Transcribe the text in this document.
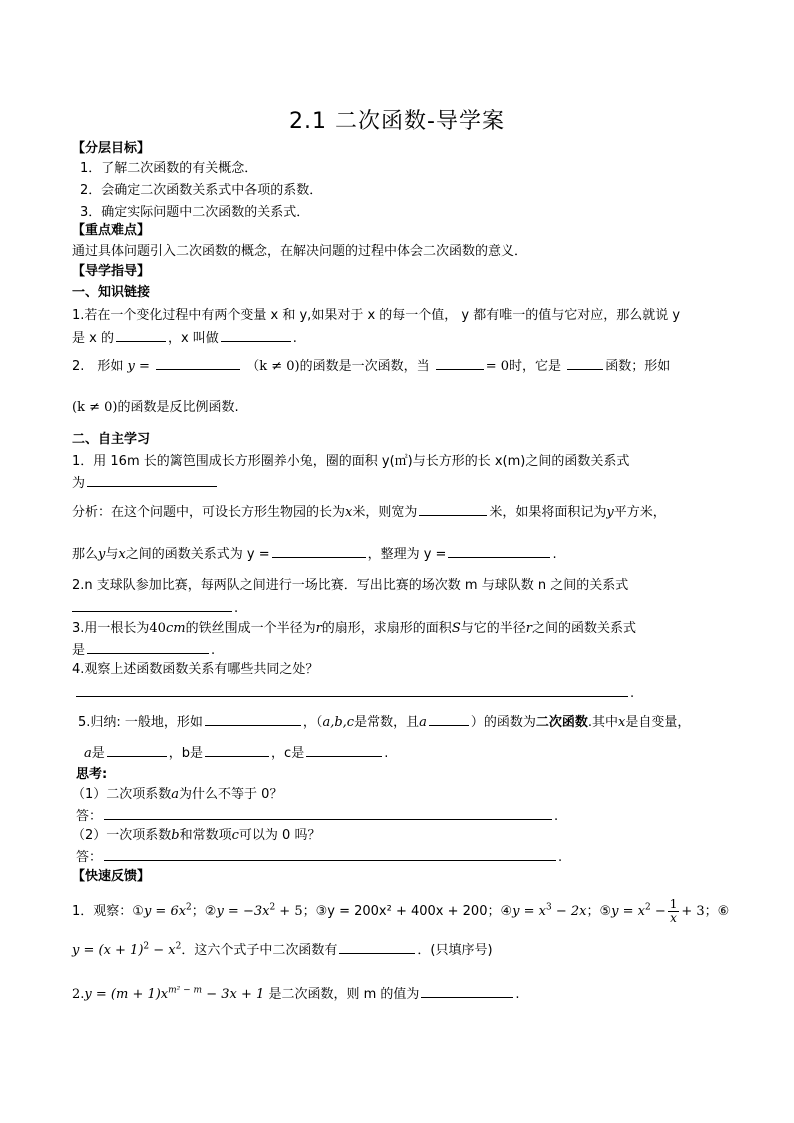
2.1 二次函数-导学案
【分层目标】
1．了解二次函数的有关概念．
2．会确定二次函数关系式中各项的系数．
3．确定实际问题中二次函数的关系式．
【重点难点】
通过具体问题引入二次函数的概念，在解决问题的过程中体会二次函数的意义．
【导学指导】
一、知识链接
1.若在一个变化过程中有两个变量 x 和 y,如果对于 x 的每一个值， y 都有唯一的值与它对应，那么就说 y
是 x 的	，x 叫做	.
2.　形如 y =	（k ≠ 0)的函数是一次函数，当	= 0时，它是	函数；形如
(k ≠ 0)的函数是反比例函数.
二、自主学习
1．用 16m 长的篱笆围成长方形圈养小兔，圈的面积 y(㎡)与长方形的长 x(m)之间的函数关系式
为
分析：在这个问题中，可设长方形生物园的长为x米，则宽为	米，如果将面积记为y平方米，
那么y与x之间的函数关系式为 y =	，整理为 y =	.
2.n 支球队参加比赛，每两队之间进行一场比赛．写出比赛的场次数 m 与球队数 n 之间的关系式
.
3.用一根长为40cm的铁丝围成一个半径为r的扇形，求扇形的面积S与它的半径r之间的函数关系式
是	.
4.观察上述函数函数关系有哪些共同之处？
.
5.归纳: 一般地，形如	，（a,b,c是常数，且a	）的函数为二次函数.其中x是自变量，
a是	，b是	，c是	.
思考:
（1）二次项系数a为什么不等于 0？
答：	.
（2）一次项系数b和常数项c可以为 0 吗？
答：	.
【快速反馈】
1．观察：①y = $6x^2$；②y = $-3x^2 + 5$；③y = 200x² + 400x + 200；④y = $x^3 - 2x$；⑤y = $x^2 - \frac{1}{x} + 3$；⑥
$y = (x + 1)^2 - x^2$．这六个式子中二次函数有	．(只填序号)
$2.y = (m + 1)x^{m^2 - m} - 3x + 1$ 是二次函数，则 m 的值为	.
